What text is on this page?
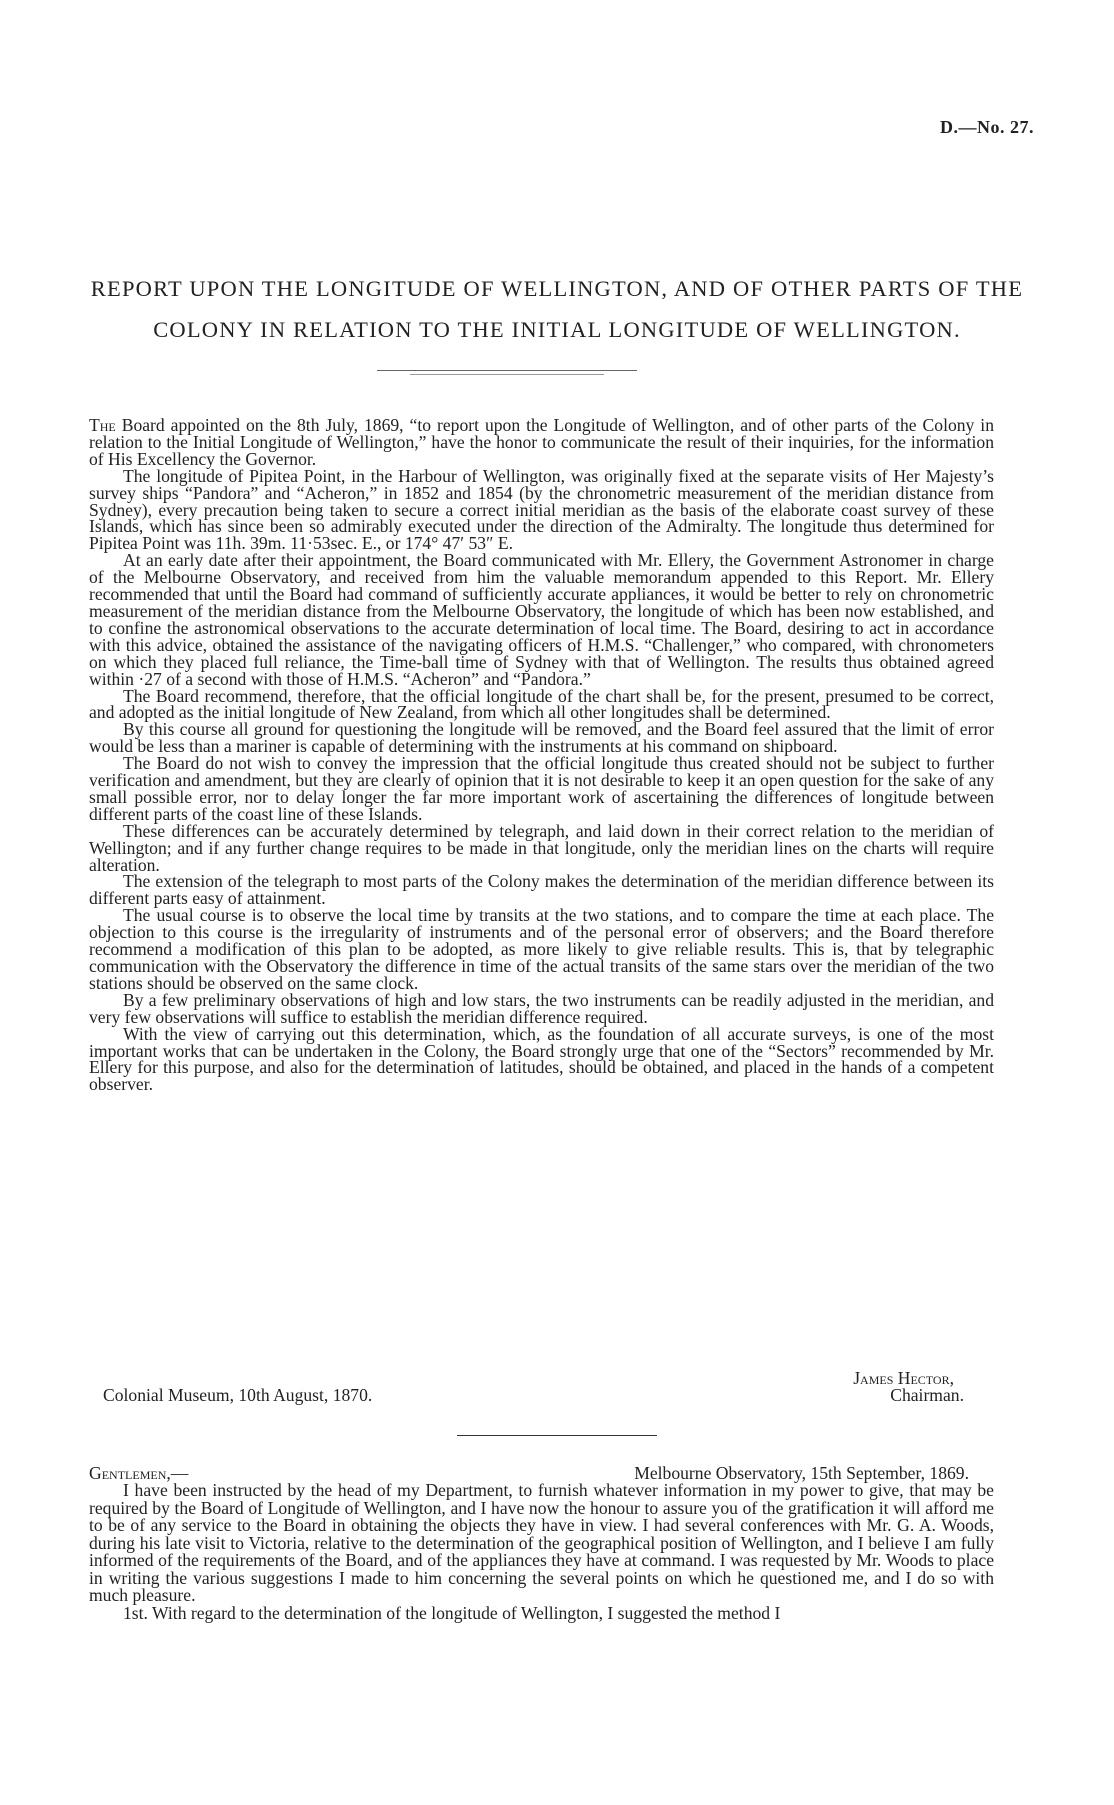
D.—No. 27.
REPORT UPON THE LONGITUDE OF WELLINGTON, AND OF OTHER PARTS OF THE
COLONY IN RELATION TO THE INITIAL LONGITUDE OF WELLINGTON.

The Board appointed on the 8th July, 1869, “to report upon the Longitude of Wellington, and of other parts of the Colony in relation to the Initial Longitude of Wellington,” have the honor to communicate the result of their inquiries, for the information of His Excellency the Governor.

The longitude of Pipitea Point, in the Harbour of Wellington, was originally fixed at the separate visits of Her Majesty’s survey ships “Pandora” and “Acheron,” in 1852 and 1854 (by the chronometric measurement of the meridian distance from Sydney), every precaution being taken to secure a correct initial meridian as the basis of the elaborate coast survey of these Islands, which has since been so admirably executed under the direction of the Admiralty. The longitude thus determined for Pipitea Point was 11h. 39m. 11·53sec. E., or 174° 47′ 53″ E.

At an early date after their appointment, the Board communicated with Mr. Ellery, the Government Astronomer in charge of the Melbourne Observatory, and received from him the valuable memorandum appended to this Report. Mr. Ellery recommended that until the Board had command of sufficiently accurate appliances, it would be better to rely on chronometric measurement of the meridian distance from the Melbourne Observatory, the longitude of which has been now established, and to confine the astronomical observations to the accurate determination of local time. The Board, desiring to act in accordance with this advice, obtained the assistance of the navigating officers of H.M.S. “Challenger,” who compared, with chronometers on which they placed full reliance, the Time-ball time of Sydney with that of Wellington. The results thus obtained agreed within ·27 of a second with those of H.M.S. “Acheron” and “Pandora.”

The Board recommend, therefore, that the official longitude of the chart shall be, for the present, presumed to be correct, and adopted as the initial longitude of New Zealand, from which all other longitudes shall be determined.

By this course all ground for questioning the longitude will be removed, and the Board feel assured that the limit of error would be less than a mariner is capable of determining with the instruments at his command on shipboard.

The Board do not wish to convey the impression that the official longitude thus created should not be subject to further verification and amendment, but they are clearly of opinion that it is not desirable to keep it an open question for the sake of any small possible error, nor to delay longer the far more important work of ascertaining the differences of longitude between different parts of the coast line of these Islands.

These differences can be accurately determined by telegraph, and laid down in their correct relation to the meridian of Wellington; and if any further change requires to be made in that longitude, only the meridian lines on the charts will require alteration.

The extension of the telegraph to most parts of the Colony makes the determination of the meridian difference between its different parts easy of attainment.

The usual course is to observe the local time by transits at the two stations, and to compare the time at each place. The objection to this course is the irregularity of instruments and of the personal error of observers; and the Board therefore recommend a modification of this plan to be adopted, as more likely to give reliable results. This is, that by telegraphic communication with the Observatory the difference in time of the actual transits of the same stars over the meridian of the two stations should be observed on the same clock.

By a few preliminary observations of high and low stars, the two instruments can be readily adjusted in the meridian, and very few observations will suffice to establish the meridian difference required.

With the view of carrying out this determination, which, as the foundation of all accurate surveys, is one of the most important works that can be undertaken in the Colony, the Board strongly urge that one of the “Sectors” recommended by Mr. Ellery for this purpose, and also for the determination of latitudes, should be obtained, and placed in the hands of a competent observer.

James Hector,
Colonial Museum, 10th August, 1870.	Chairman.
Gentlemen,—	Melbourne Observatory, 15th September, 1869.

I have been instructed by the head of my Department, to furnish whatever information in my power to give, that may be required by the Board of Longitude of Wellington, and I have now the honour to assure you of the gratification it will afford me to be of any service to the Board in obtaining the objects they have in view. I had several conferences with Mr. G. A. Woods, during his late visit to Victoria, relative to the determination of the geographical position of Wellington, and I believe I am fully informed of the requirements of the Board, and of the appliances they have at command. I was requested by Mr. Woods to place in writing the various suggestions I made to him concerning the several points on which he questioned me, and I do so with much pleasure.

1st. With regard to the determination of the longitude of Wellington, I suggested the method I
